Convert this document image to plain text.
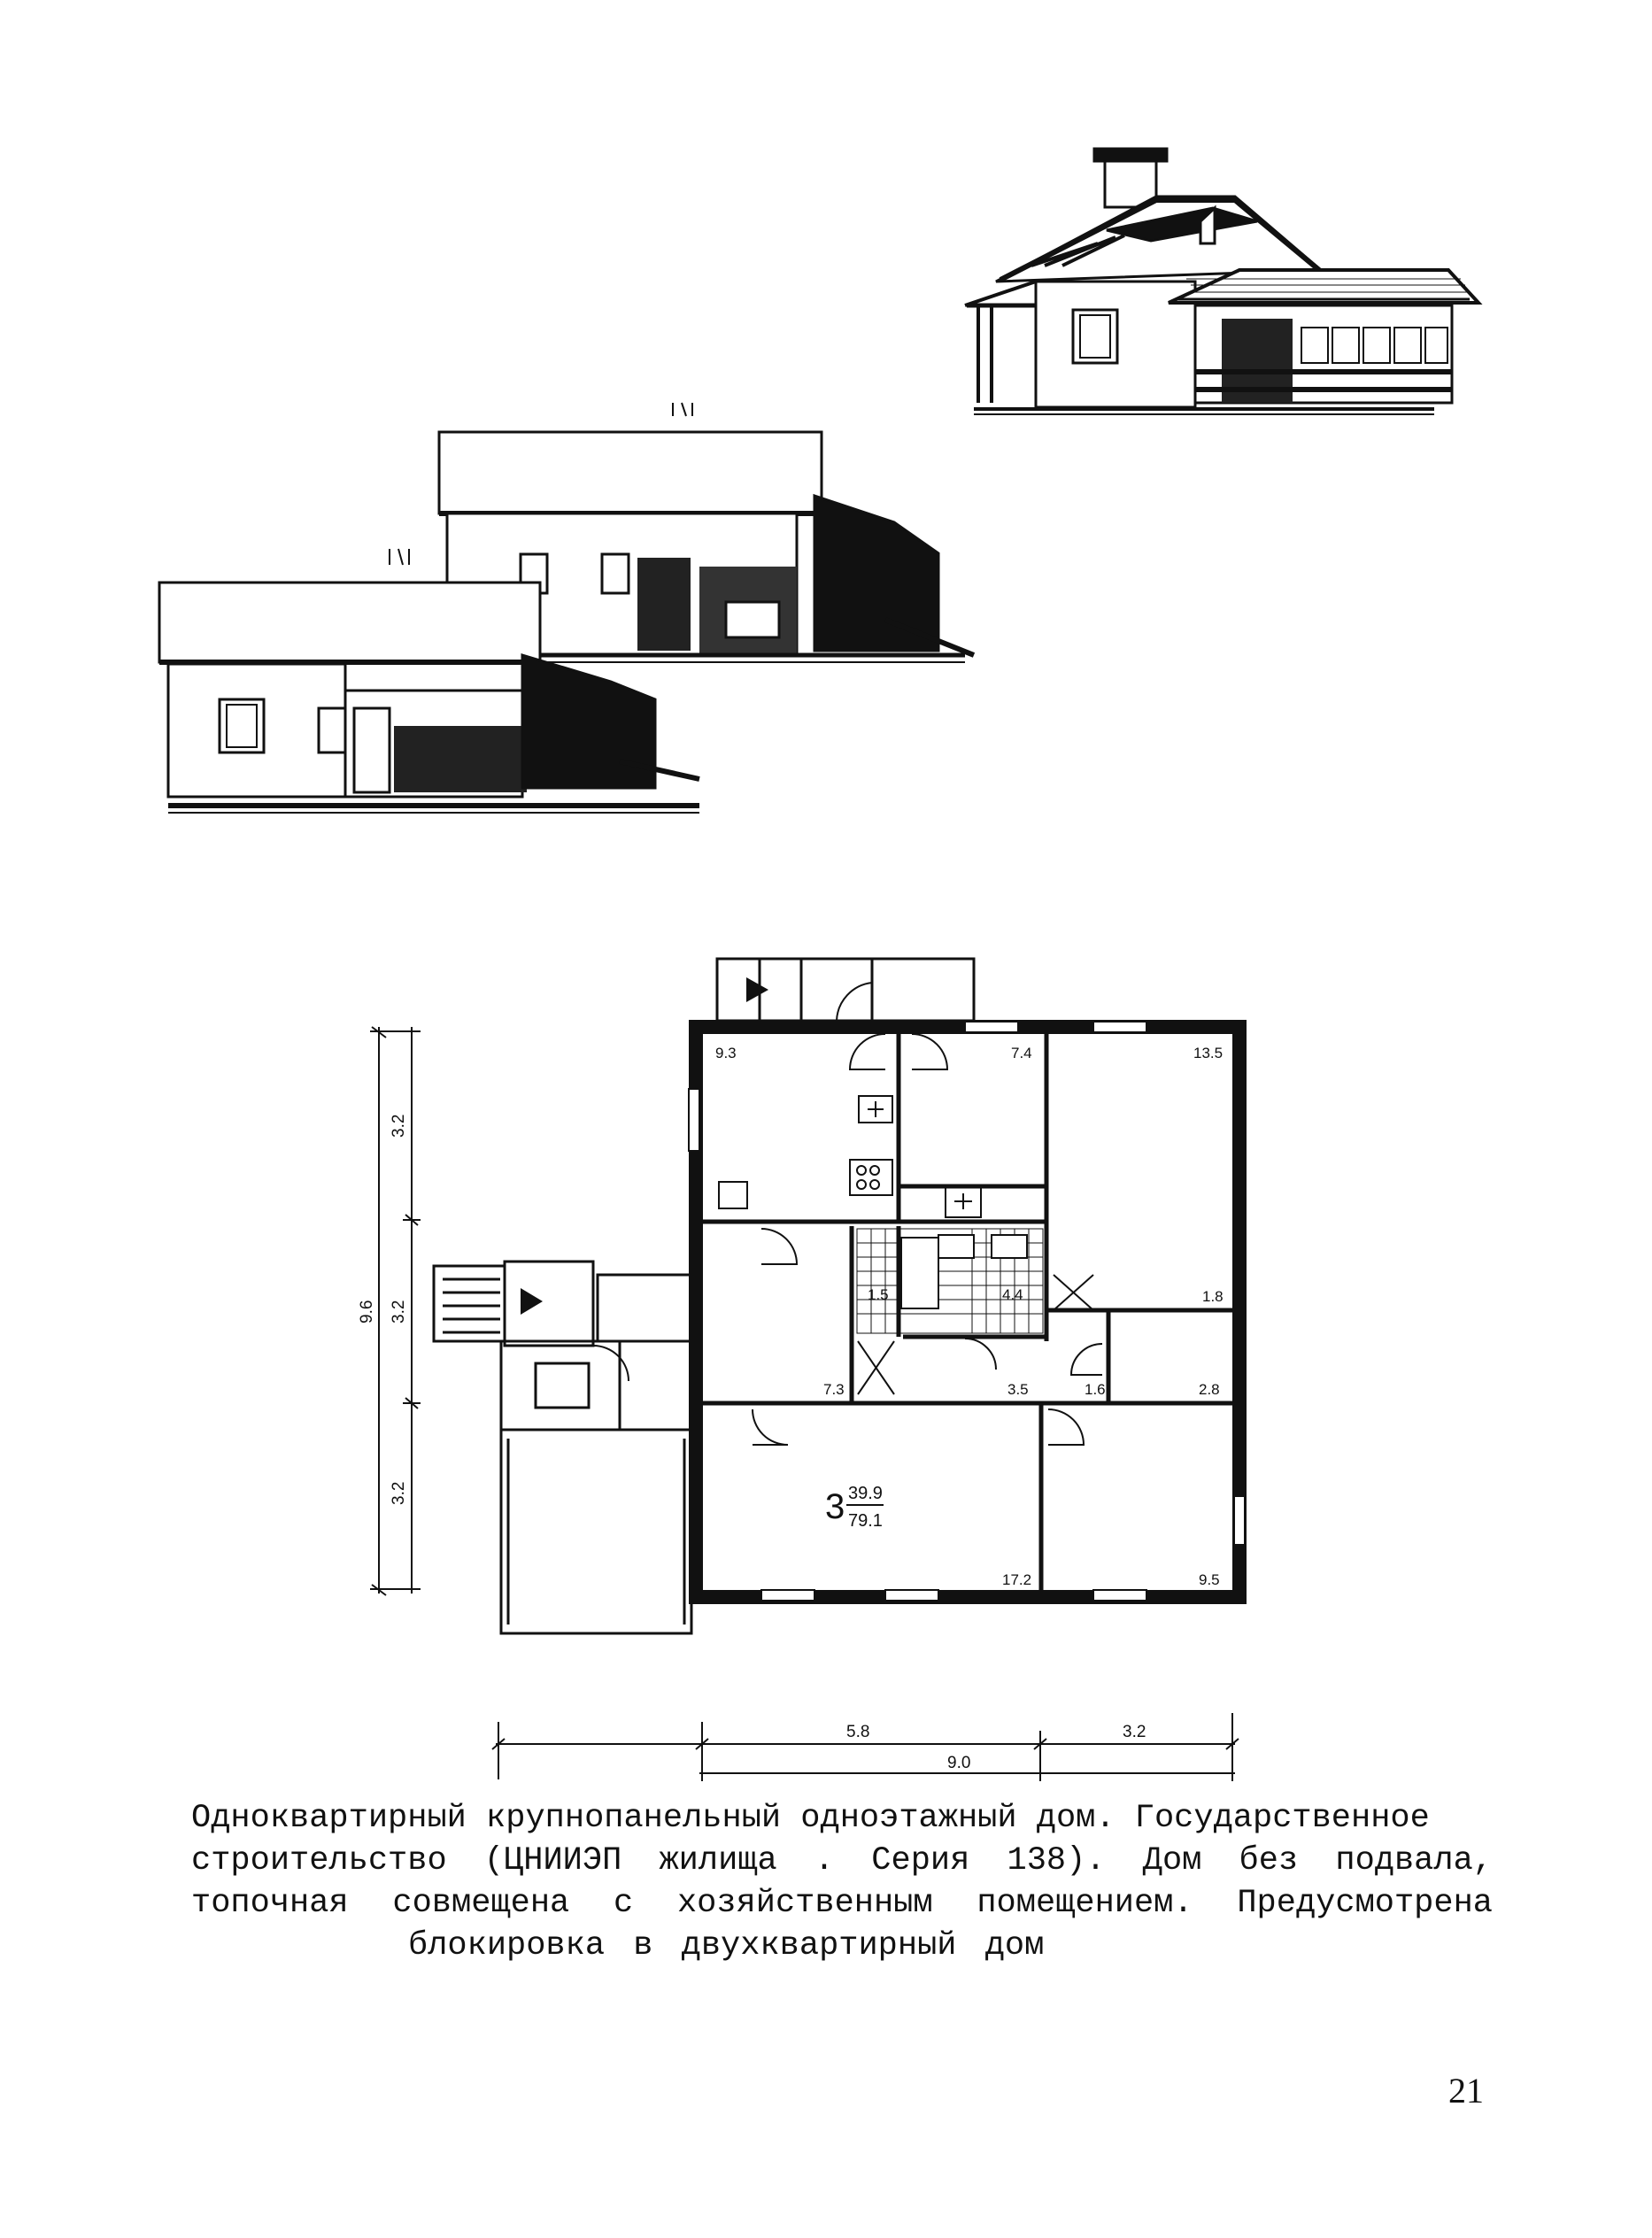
9.3	7.4	13.5
1.5	4.4	1.8
7.3	3.5	1.6	2.8
17.2	9.5
3 39.9
79.1
9.6
3.2
3.2
3.2
5.8	3.2
9.0
Одноквартирный крупнопанельный одноэтажный дом. Государственное
строительство (ЦНИИЭП жилища . Серия 138). Дом без подвала,
топочная совмещена с хозяйственным помещением. Предусмотрена
блокировка в двухквартирный дом
21
